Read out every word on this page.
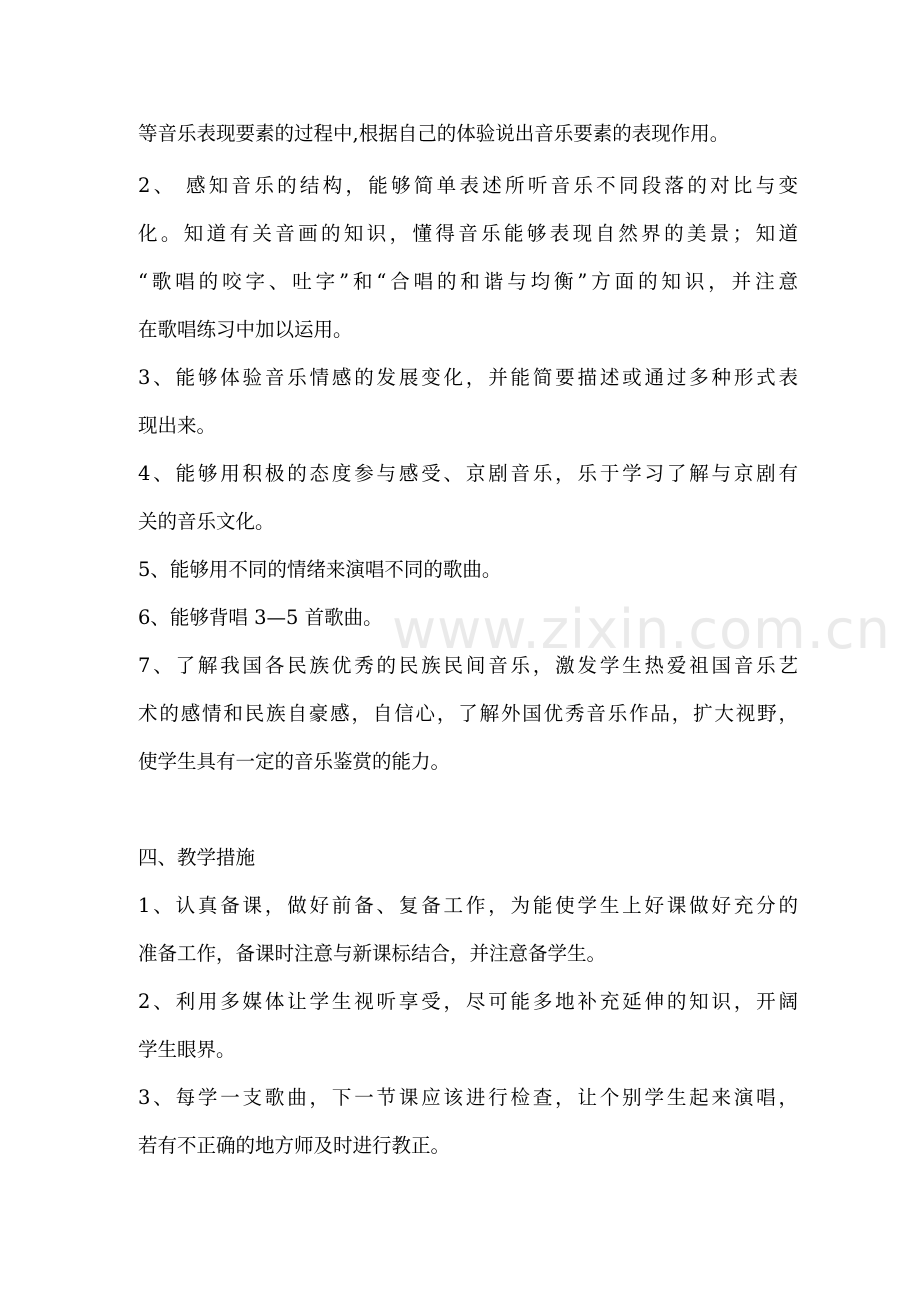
等音乐表现要素的过程中,根据自己的体验说出音乐要素的表现作用。
2、 感知音乐的结构，能够简单表述所听音乐不同段落的对比与变
化。知道有关音画的知识，懂得音乐能够表现自然界的美景；知道
“歌唱的咬字、吐字”和“合唱的和谐与均衡”方面的知识，并注意
在歌唱练习中加以运用。
3、能够体验音乐情感的发展变化，并能简要描述或通过多种形式表
现出来。
4、能够用积极的态度参与感受、京剧音乐，乐于学习了解与京剧有
关的音乐文化。
5、能够用不同的情绪来演唱不同的歌曲。
6、能够背唱 3—5 首歌曲。
7、了解我国各民族优秀的民族民间音乐，激发学生热爱祖国音乐艺
术的感情和民族自豪感，自信心，了解外国优秀音乐作品，扩大视野，
使学生具有一定的音乐鉴赏的能力。
四、教学措施
1、认真备课，做好前备、复备工作，为能使学生上好课做好充分的
准备工作，备课时注意与新课标结合，并注意备学生。
2、利用多媒体让学生视听享受，尽可能多地补充延伸的知识，开阔
学生眼界。
3、每学一支歌曲，下一节课应该进行检查，让个别学生起来演唱，
若有不正确的地方师及时进行教正。
www.zixin.com.cn
